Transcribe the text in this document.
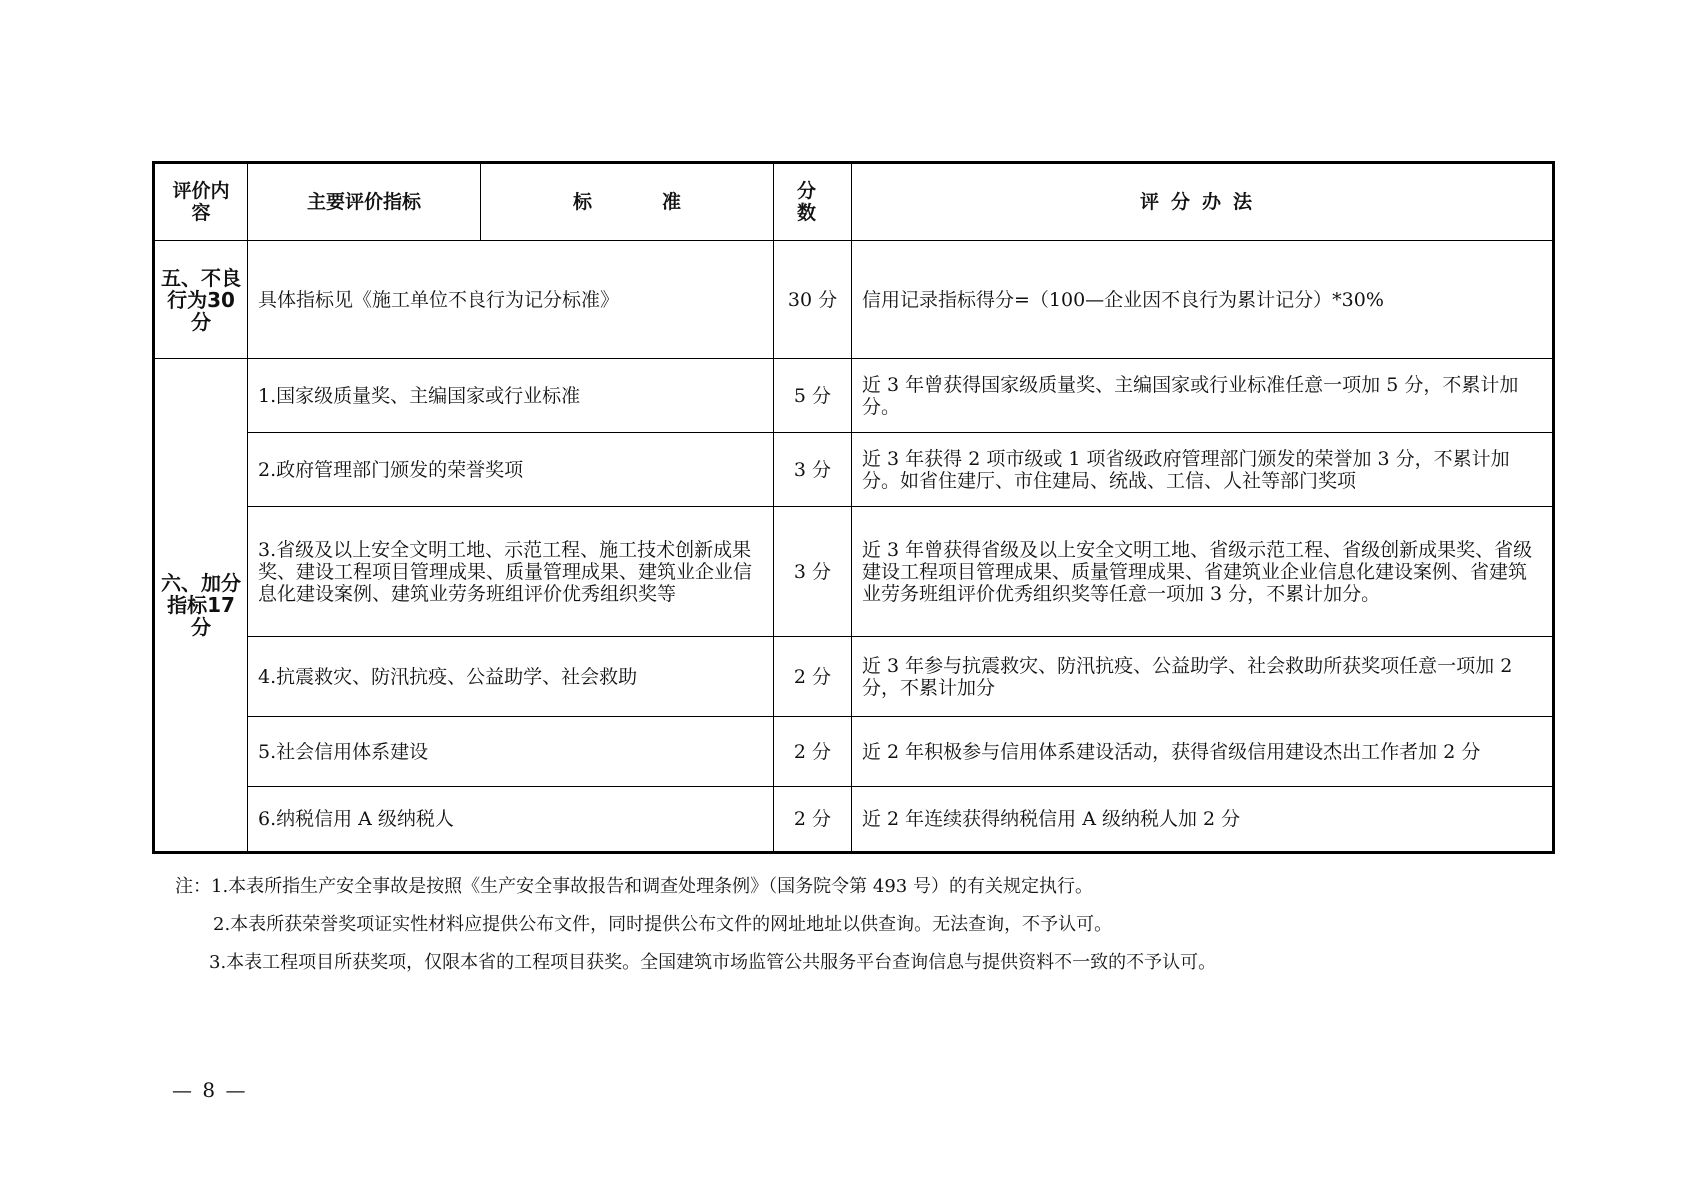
评价内容	主要评价指标	标准	分数	评分办法
五、不良行为30分	具体指标见《施工单位不良行为记分标准》		30 分	信用记录指标得分=（100—企业因不良行为累计记分）*30%
六、加分指标17分	1.国家级质量奖、主编国家或行业标准		5 分	近 3 年曾获得国家级质量奖、主编国家或行业标准任意一项加 5 分，不累计加分。
	2.政府管理部门颁发的荣誉奖项		3 分	近 3 年获得 2 项市级或 1 项省级政府管理部门颁发的荣誉加 3 分，不累计加分。如省住建厅、市住建局、统战、工信、人社等部门奖项
	3.省级及以上安全文明工地、示范工程、施工技术创新成果奖、建设工程项目管理成果、质量管理成果、建筑业企业信息化建设案例、建筑业劳务班组评价优秀组织奖等		3 分	近 3 年曾获得省级及以上安全文明工地、省级示范工程、省级创新成果奖、省级建设工程项目管理成果、质量管理成果、省建筑业企业信息化建设案例、省建筑业劳务班组评价优秀组织奖等任意一项加 3 分，不累计加分。
	4.抗震救灾、防汛抗疫、公益助学、社会救助		2 分	近 3 年参与抗震救灾、防汛抗疫、公益助学、社会救助所获奖项任意一项加 2 分，不累计加分
	5.社会信用体系建设		2 分	近 2 年积极参与信用体系建设活动，获得省级信用建设杰出工作者加 2 分
	6.纳税信用 A 级纳税人		2 分	近 2 年连续获得纳税信用 A 级纳税人加 2 分
注：1.本表所指生产安全事故是按照《生产安全事故报告和调查处理条例》（国务院令第 493 号）的有关规定执行。
2.本表所获荣誉奖项证实性材料应提供公布文件，同时提供公布文件的网址地址以供查询。无法查询，不予认可。
3.本表工程项目所获奖项，仅限本省的工程项目获奖。全国建筑市场监管公共服务平台查询信息与提供资料不一致的不予认可。
— 8 —
